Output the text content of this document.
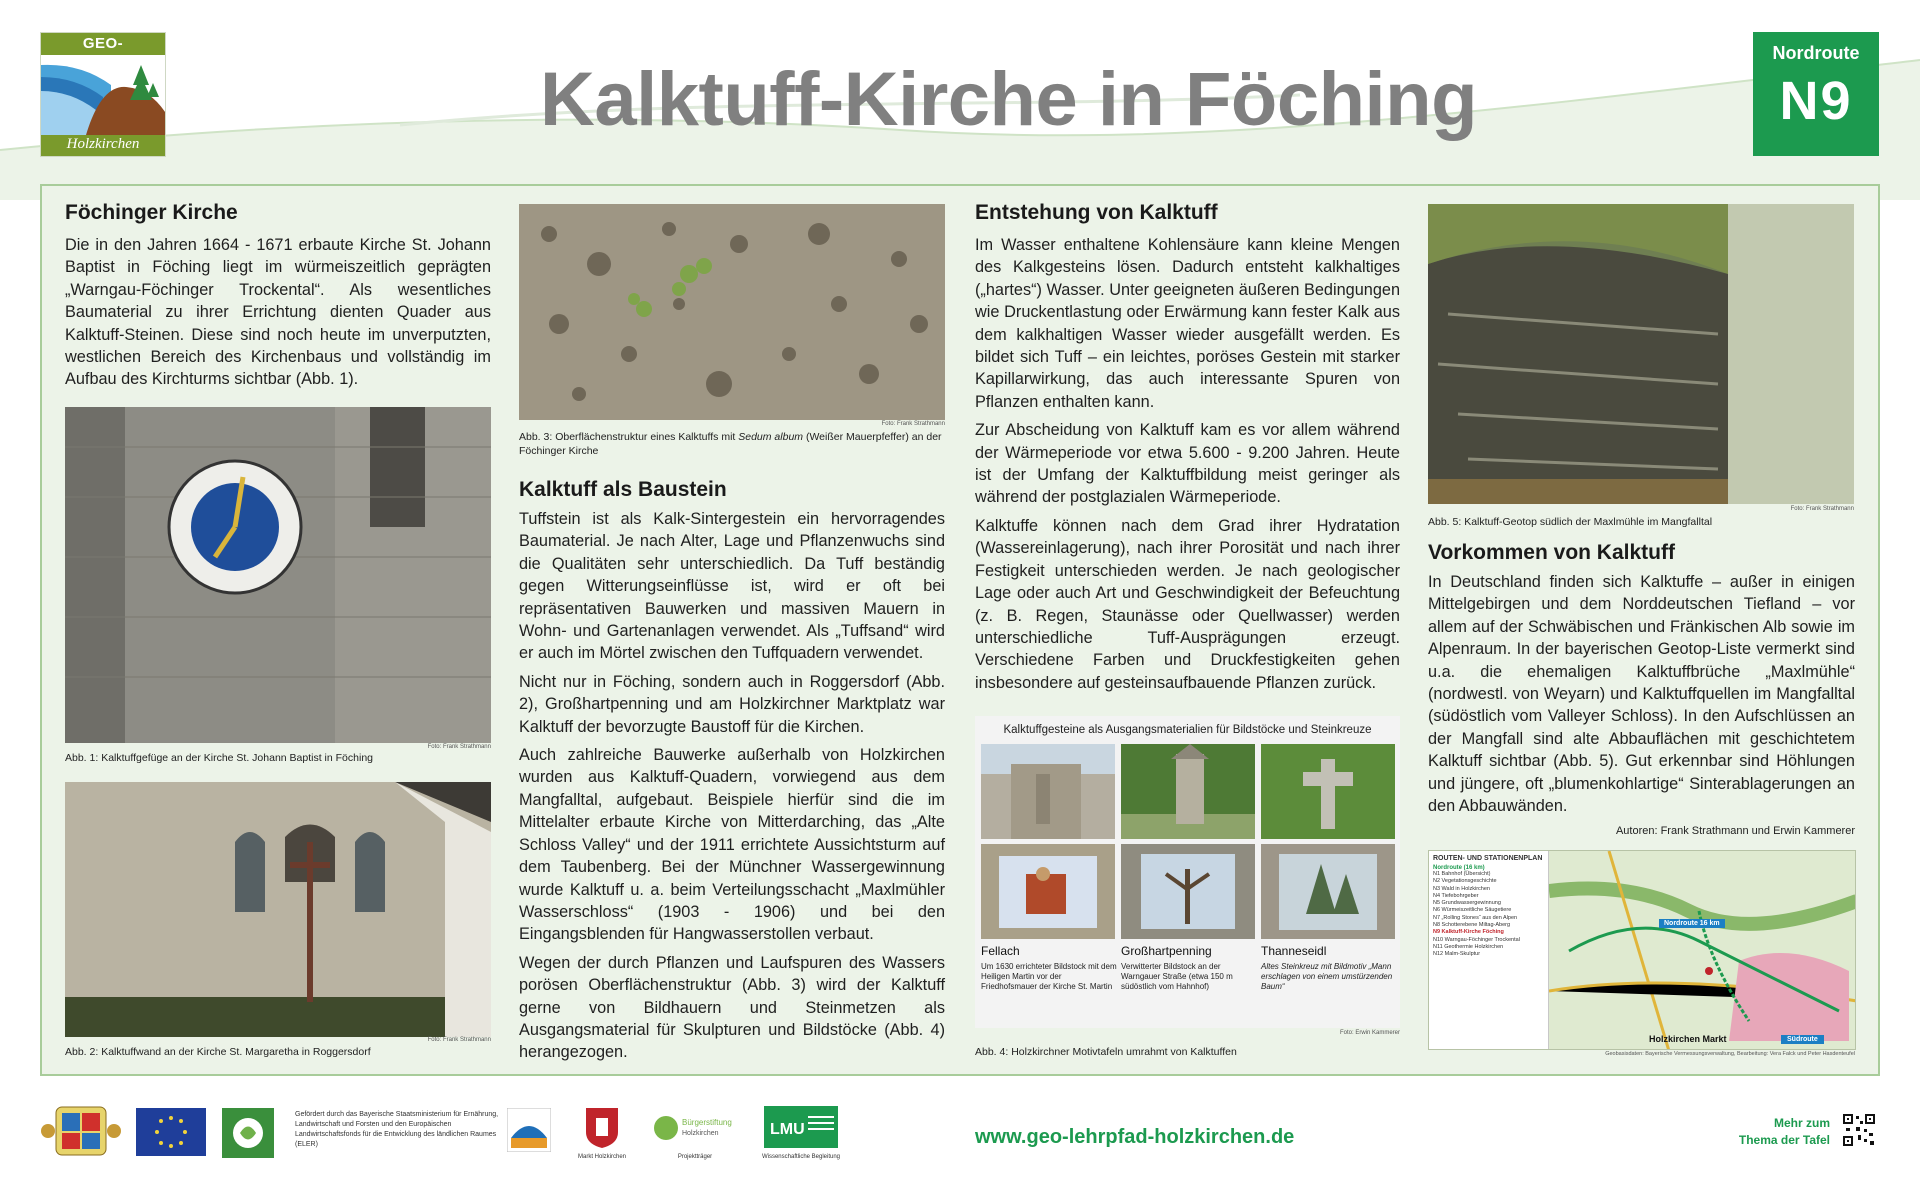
GEO-
Holzkirchen
Kalktuff-Kirche in Föching
Nordroute
N9
Föchinger Kirche
Die in den Jahren 1664 - 1671 erbaute Kirche St. Johann Baptist in Föching liegt im würmeiszeitlich geprägten „Warngau-Föchinger Trockental“. Als wesentliches Baumaterial zu ihrer Errichtung dienten Quader aus Kalktuff-Steinen. Diese sind noch heute im unverputzten, westlichen Bereich des Kirchenbaus und vollständig im Aufbau des Kirchturms sichtbar (Abb. 1).
Foto: Frank Strathmann
Abb. 1: Kalktuffgefüge an der Kirche St. Johann Baptist in Föching
Foto: Frank Strathmann
Abb. 2: Kalktuffwand an der Kirche St. Margaretha in Roggersdorf
Foto: Frank Strathmann
Abb. 3: Oberflächenstruktur eines Kalktuffs mit Sedum album (Weißer Mauerpfeffer) an der Föchinger Kirche
Kalktuff als Baustein

Tuffstein ist als Kalk-Sintergestein ein hervorragendes Baumaterial. Je nach Alter, Lage und Pflanzenwuchs sind die Qualitäten sehr unterschiedlich. Da Tuff beständig gegen Witterungseinflüsse ist, wird er oft bei repräsentativen Bauwerken und massiven Mauern in Wohn- und Gartenanlagen verwendet. Als „Tuffsand“ wird er auch im Mörtel zwischen den Tuffquadern verwendet.

Nicht nur in Föching, sondern auch in Roggersdorf (Abb. 2), Großhartpenning und am Holzkirchner Marktplatz war Kalktuff der bevorzugte Baustoff für die Kirchen.

Auch zahlreiche Bauwerke außerhalb von Holzkirchen wurden aus Kalktuff-Quadern, vorwiegend aus dem Mangfalltal, aufgebaut. Beispiele hierfür sind die im Mittelalter erbaute Kirche von Mitterdarching, das „Alte Schloss Valley“ und der 1911 errichtete Aussichtsturm auf dem Taubenberg. Bei der Münchner Wassergewinnung wurde Kalktuff u. a. beim Verteilungsschacht „Maxlmühler Wasserschloss“ (1903 - 1906) und bei den Eingangsblenden für Hangwasserstollen verbaut.

Wegen der durch Pflanzen und Laufspuren des Wassers porösen Oberflächenstruktur (Abb. 3) wird der Kalktuff gerne von Bildhauern und Steinmetzen als Ausgangsmaterial für Skulpturen und Bildstöcke (Abb. 4) herangezogen.

Entstehung von Kalktuff

Im Wasser enthaltene Kohlensäure kann kleine Mengen des Kalkgesteins lösen. Dadurch entsteht kalkhaltiges („hartes“) Wasser. Unter geeigneten äußeren Bedingungen wie Druckentlastung oder Erwärmung kann fester Kalk aus dem kalkhaltigen Wasser wieder ausgefällt werden. Es bildet sich Tuff – ein leichtes, poröses Gestein mit starker Kapillarwirkung, das auch interessante Spuren von Pflanzen enthalten kann.

Zur Abscheidung von Kalktuff kam es vor allem während der Wärmeperiode vor etwa 5.600 - 9.200 Jahren. Heute ist der Umfang der Kalktuffbildung meist geringer als während der postglazialen Wärmeperiode.

Kalktuffe können nach dem Grad ihrer Hydratation (Wassereinlagerung), nach ihrer Porosität und nach ihrer Festigkeit unterschieden werden. Je nach geologischer Lage oder auch Art und Geschwindigkeit der Befeuchtung (z. B. Regen, Staunässe oder Quellwasser) werden unterschiedliche Tuff-Ausprägungen erzeugt. Verschiedene Farben und Druckfestigkeiten gehen insbesondere auf gesteinsaufbauende Pflanzen zurück.

Kalktuffgesteine als Ausgangsmaterialien für Bildstöcke und Steinkreuze
Fellach
Um 1630 errichteter Bildstock mit dem Heiligen Martin vor der Friedhofsmauer der Kirche St. Martin
Großhartpenning
Verwitterter Bildstock an der Warngauer Straße (etwa 150 m südöstlich vom Hahnhof)
Thanneseidl
Altes Steinkreuz mit Bildmotiv „Mann erschlagen von einem umstürzenden Baum“
Foto: Erwin Kammerer
Abb. 4: Holzkirchner Motivtafeln umrahmt von Kalktuffen
Foto: Frank Strathmann
Abb. 5: Kalktuff-Geotop südlich der Maxlmühle im Mangfalltal
Vorkommen von Kalktuff
In Deutschland finden sich Kalktuffe – außer in einigen Mittelgebirgen und dem Norddeutschen Tiefland – vor allem auf der Schwäbischen und Fränkischen Alb sowie im Alpenraum. In der bayerischen Geotop-Liste vermerkt sind u.a. die ehemaligen Kalktuffbrüche „Maxlmühle“ (nordwestl. von Weyarn) und Kalktuffquellen im Mangfalltal (südöstlich vom Valleyer Schloss). In den Aufschlüssen an der Mangfall sind alte Abbauflächen mit geschichtetem Kalktuff sichtbar (Abb. 5). Gut erkennbar sind Höhlungen und jüngere, oft „blumenkohlartige“ Sinterablagerungen an den Abbauwänden.
Autoren: Frank Strathmann und Erwin Kammerer
ROUTEN- UND STATIONENPLAN
Nordroute (16 km)
N1 Bahnhof (Übersicht)
N2 Vegetationsgeschichte
N3 Wald in Holzkirchen
N4 Tiefebohrgeber
N5 Grundwassergewinnung
N6 Würmeiszeitliche Säugetiere
N7 „Rolling Stones“ aus den Alpen
N8 Schotterebene Miltag-Aberg
N9 Kalktuff-Kirche Föching
N10 Warngau-Föchinger Trockental
N11 Geothermie Holzkirchen
N12 Malm-Skulptur
Nordroute 16 km
Holzkirchen Markt	Südroute
Geobasisdaten: Bayerische Vermessungsverwaltung, Bearbeitung: Vera Falck und Peter Hasdenteufel
Gefördert durch das Bayerische Staatsministerium für Ernährung, Landwirtschaft und Forsten und den Europäischen Landwirtschaftsfonds für die Entwicklung des ländlichen Raumes (ELER)
Markt Holzkirchen
Bürgerstiftung
Holzkirchen
Projektträger
LMU
Wissenschaftliche Begleitung
www.geo-lehrpfad-holzkirchen.de
Mehr zum
Thema der Tafel
